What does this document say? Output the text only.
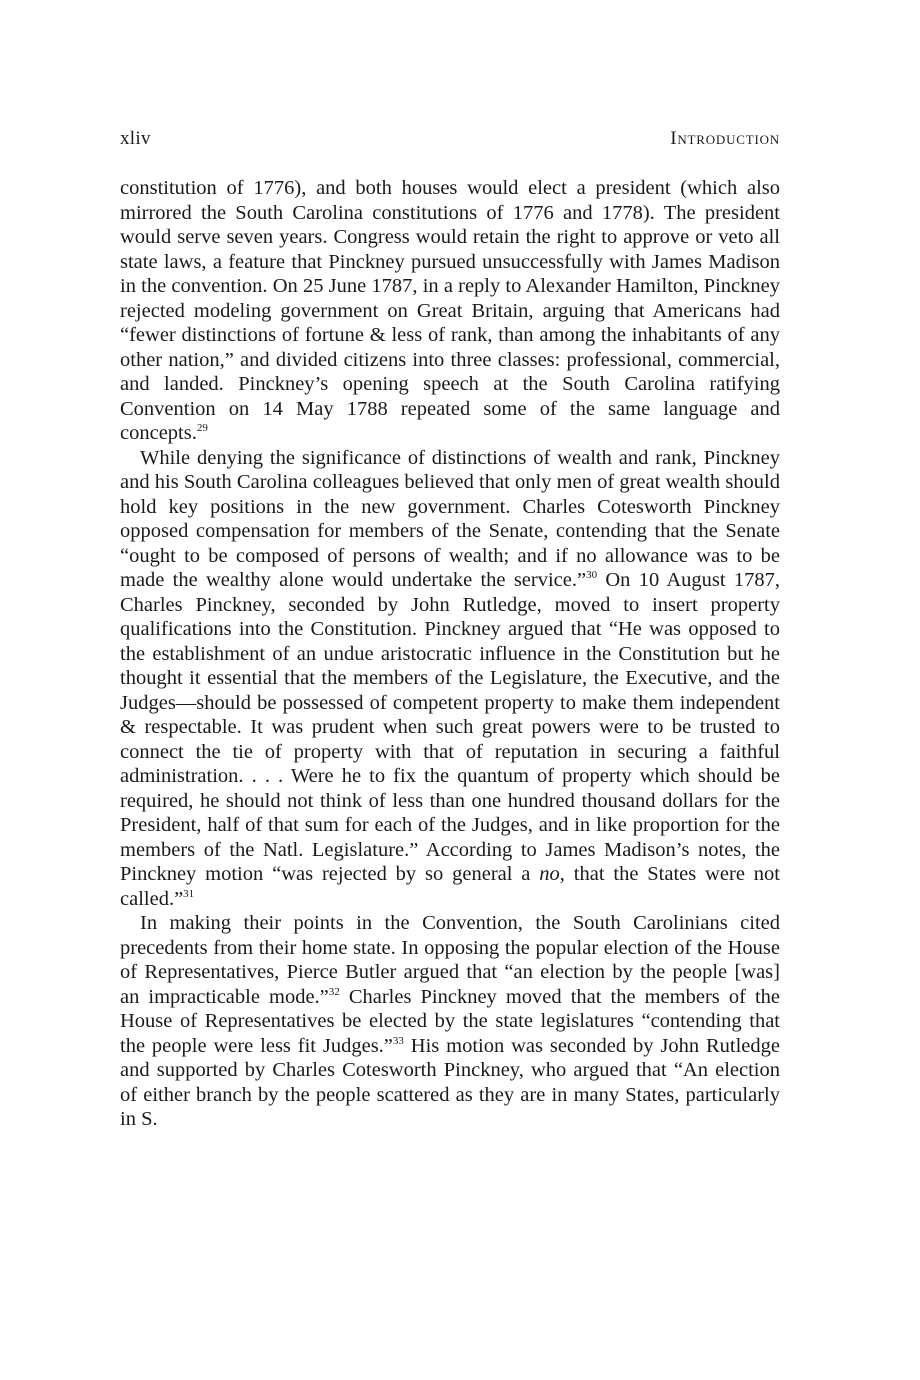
xliv	Introduction

constitution of 1776), and both houses would elect a president (which also mirrored the South Carolina constitutions of 1776 and 1778). The president would serve seven years. Congress would retain the right to approve or veto all state laws, a feature that Pinckney pursued unsuccessfully with James Madison in the convention. On 25 June 1787, in a reply to Alexander Hamilton, Pinckney rejected modeling government on Great Britain, arguing that Americans had “fewer distinctions of fortune & less of rank, than among the inhabitants of any other nation,” and divided citizens into three classes: professional, commercial, and landed. Pinckney’s opening speech at the South Carolina ratifying Convention on 14 May 1788 repeated some of the same language and concepts.$^{29}$

While denying the significance of distinctions of wealth and rank, Pinckney and his South Carolina colleagues believed that only men of great wealth should hold key positions in the new government. Charles Cotesworth Pinckney opposed compensation for members of the Senate, contending that the Senate “ought to be composed of persons of wealth; and if no allowance was to be made the wealthy alone would undertake the service.”$^{30}$ On 10 August 1787, Charles Pinckney, seconded by John Rutledge, moved to insert property qualifications into the Constitution. Pinckney argued that “He was opposed to the establishment of an undue aristocratic influence in the Constitution but he thought it essential that the members of the Legislature, the Executive, and the Judges—should be possessed of competent property to make them independent & respectable. It was prudent when such great powers were to be trusted to connect the tie of property with that of reputation in securing a faithful administration. . . . Were he to fix the quantum of property which should be required, he should not think of less than one hundred thousand dollars for the President, half of that sum for each of the Judges, and in like proportion for the members of the Natl. Legislature.” According to James Madison’s notes, the Pinckney motion “was rejected by so general a no, that the States were not called.”$^{31}$

In making their points in the Convention, the South Carolinians cited precedents from their home state. In opposing the popular election of the House of Representatives, Pierce Butler argued that “an election by the people [was] an impracticable mode.”$^{32}$ Charles Pinckney moved that the members of the House of Representatives be elected by the state legislatures “contending that the people were less fit Judges.”$^{33}$ His motion was seconded by John Rutledge and supported by Charles Cotesworth Pinckney, who argued that “An election of either branch by the people scattered as they are in many States, particularly in S.
